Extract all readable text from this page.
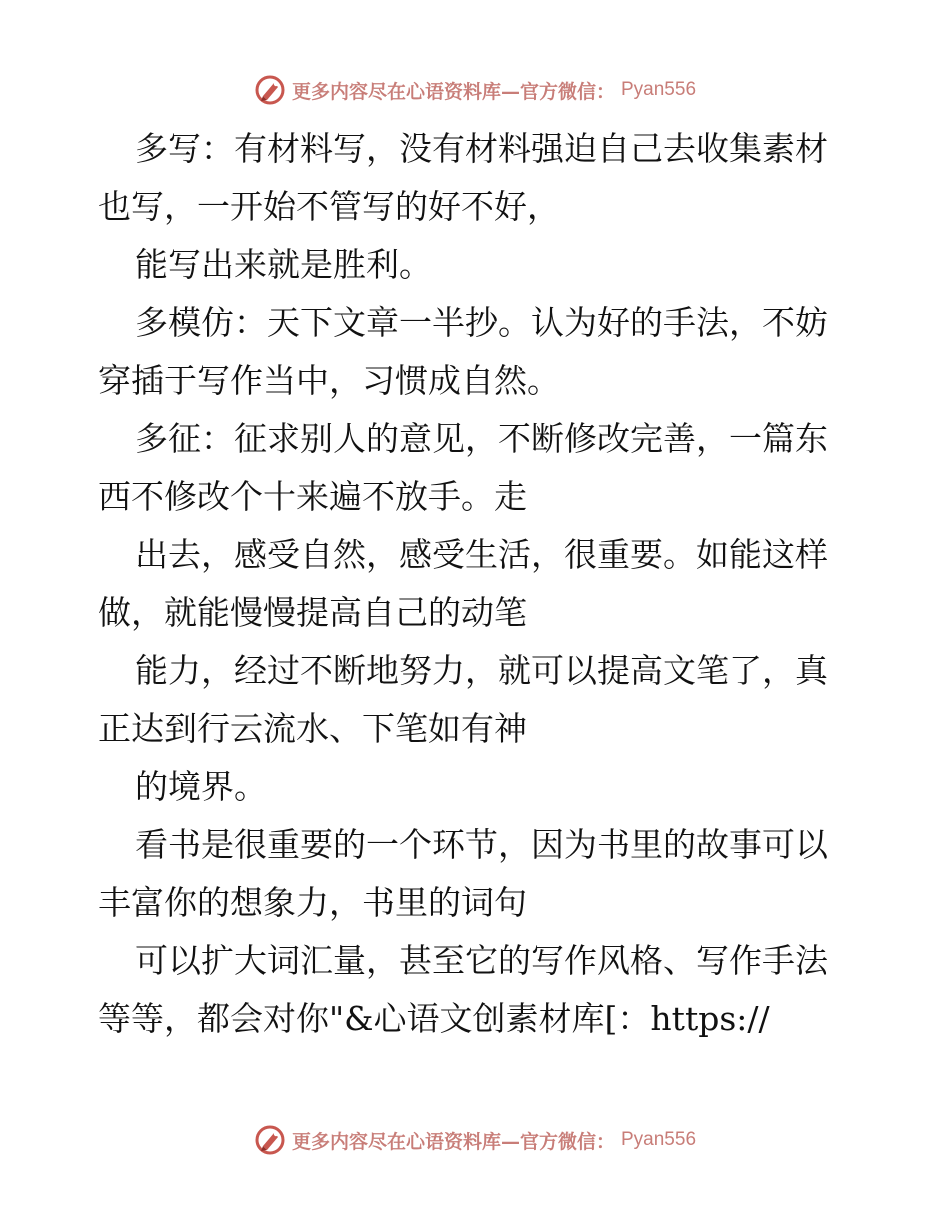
更多内容尽在心语资料库—官方微信： Pyan556
多写：有材料写，没有材料强迫自己去收集素材
也写，一开始不管写的好不好，
能写出来就是胜利。
多模仿：天下文章一半抄。认为好的手法，不妨
穿插于写作当中，习惯成自然。
多征：征求别人的意见，不断修改完善，一篇东
西不修改个十来遍不放手。走
出去，感受自然，感受生活，很重要。如能这样
做，就能慢慢提高自己的动笔
能力，经过不断地努力，就可以提高文笔了，真
正达到行云流水、下笔如有神
的境界。
看书是很重要的一个环节，因为书里的故事可以
丰富你的想象力，书里的词句
可以扩大词汇量，甚至它的写作风格、写作手法
等等，都会对你"&心语文创素材库[：https://
更多内容尽在心语资料库—官方微信： Pyan556
